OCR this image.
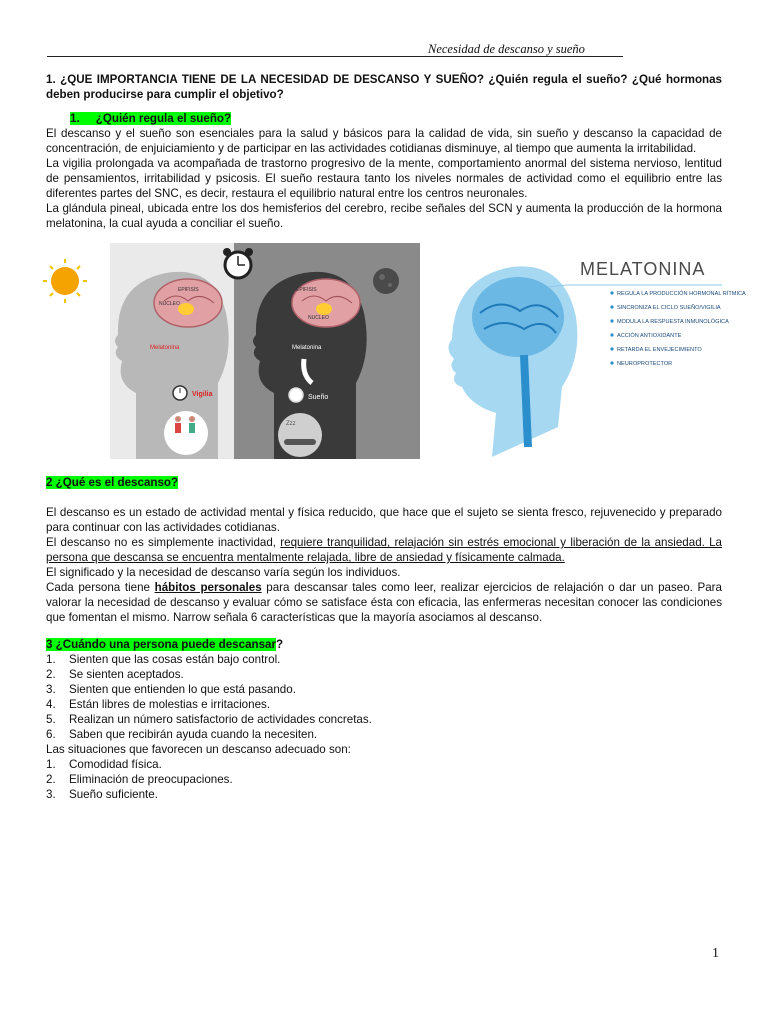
Necesidad de descanso y sueño

1. ¿QUE IMPORTANCIA TIENE DE LA NECESIDAD DE DESCANSO Y SUEÑO? ¿Quién regula el sueño? ¿Qué hormonas deben producirse para cumplir el objetivo?

1. ¿Quién regula el sueño?

El descanso y el sueño son esenciales para la salud y básicos para la calidad de vida, sin sueño y descanso la capacidad de concentración, de enjuiciamiento y de participar en las actividades cotidianas disminuye, al tiempo que aumenta la irritabilidad.

La vigilia prolongada va acompañada de trastorno progresivo de la mente, comportamiento anormal del sistema nervioso, lentitud de pensamientos, irritabilidad y psicosis. El sueño restaura tanto los niveles normales de actividad como el equilibrio entre las diferentes partes del SNC, es decir, restaura el equilibrio natural entre los centros neuronales.

La glándula pineal, ubicada entre los dos hemisferios del cerebro, recibe señales del SCN y aumenta la producción de la hormona melatonina, la cual ayuda a conciliar el sueño.

EPIFISIS
NUCLEO
Melatonina
Vigilia
EPIFISIS
NUCLEO
Melatonina
Sueño
Zzz
MELATONINA
REGULA LA PRODUCCIÓN HORMONAL RÍTMICA
SINCRONIZA EL CICLO SUEÑO/VIGILIA
MODULA LA RESPUESTA INMUNOLÓGICA
ACCIÓN ANTIOXIDANTE
RETARDA EL ENVEJECIMIENTO
NEUROPROTECTOR

2 ¿Qué es el descanso?

El descanso es un estado de actividad mental y física reducido, que hace que el sujeto se sienta fresco, rejuvenecido y preparado para continuar con las actividades cotidianas.

El descanso no es simplemente inactividad, requiere tranquilidad, relajación sin estrés emocional y liberación de la ansiedad. La persona que descansa se encuentra mentalmente relajada, libre de ansiedad y físicamente calmada.

El significado y la necesidad de descanso varía según los individuos.

Cada persona tiene hábitos personales para descansar tales como leer, realizar ejercicios de relajación o dar un paseo. Para valorar la necesidad de descanso y evaluar cómo se satisface ésta con eficacia, las enfermeras necesitan conocer las condiciones que fomentan el mismo. Narrow señala 6 características que la mayoría asociamos al descanso.

3 ¿Cuándo una persona puede descansar?

1.	Sienten que las cosas están bajo control.
2.	Se sienten aceptados.
3.	Sienten que entienden lo que está pasando.
4.	Están libres de molestias e irritaciones.
5.	Realizan un número satisfactorio de actividades concretas.
6.	Saben que recibirán ayuda cuando la necesiten.

Las situaciones que favorecen un descanso adecuado son:

1.	Comodidad física.
2.	Eliminación de preocupaciones.
3.	Sueño suficiente.
1
